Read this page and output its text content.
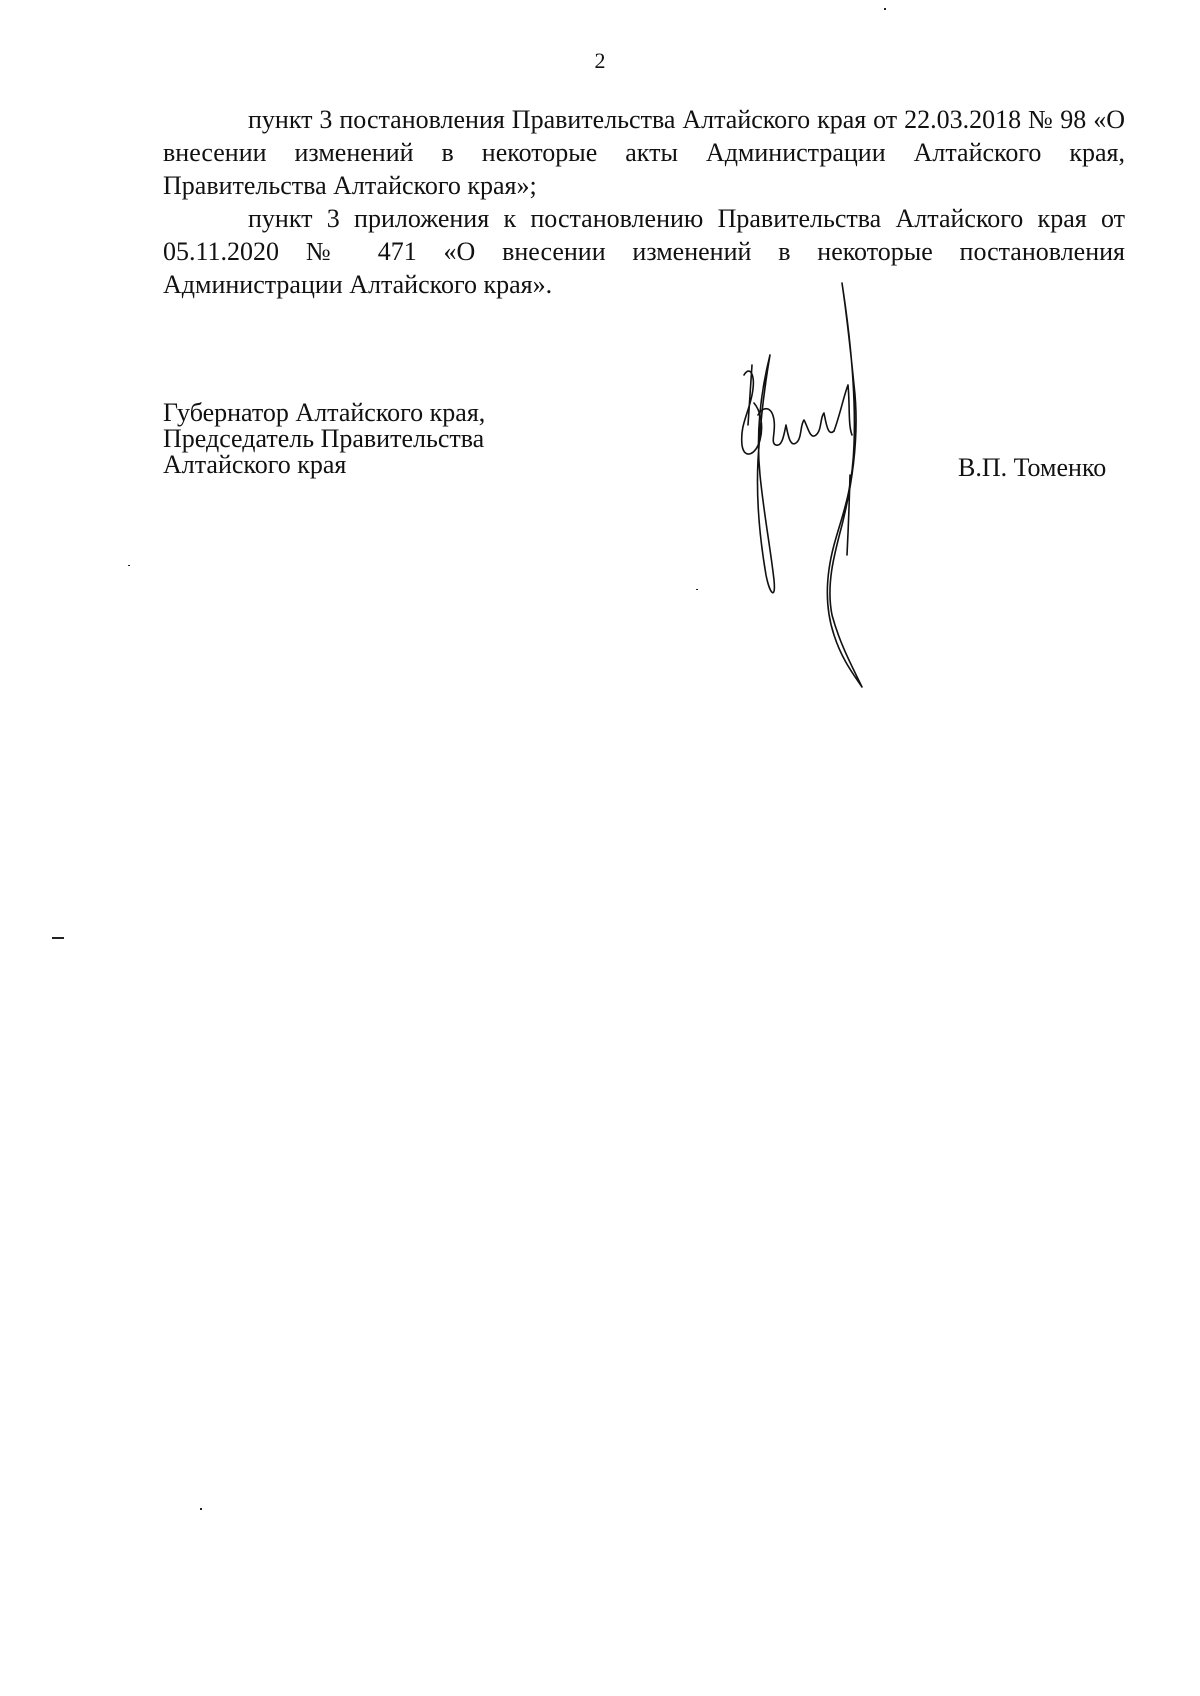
2

пункт 3 постановления Правительства Алтайского края от 22.03.2018 № 98 «О внесении изменений в некоторые акты Администрации Алтайского края, Правительства Алтайского края»;

пункт 3 приложения к постановлению Правительства Алтайского края от 05.11.2020 № 471 «О внесении изменений в некоторые постановления Администрации Алтайского края».

Губернатор Алтайского края,
Председатель Правительства
Алтайского края	В.П. Томенко
